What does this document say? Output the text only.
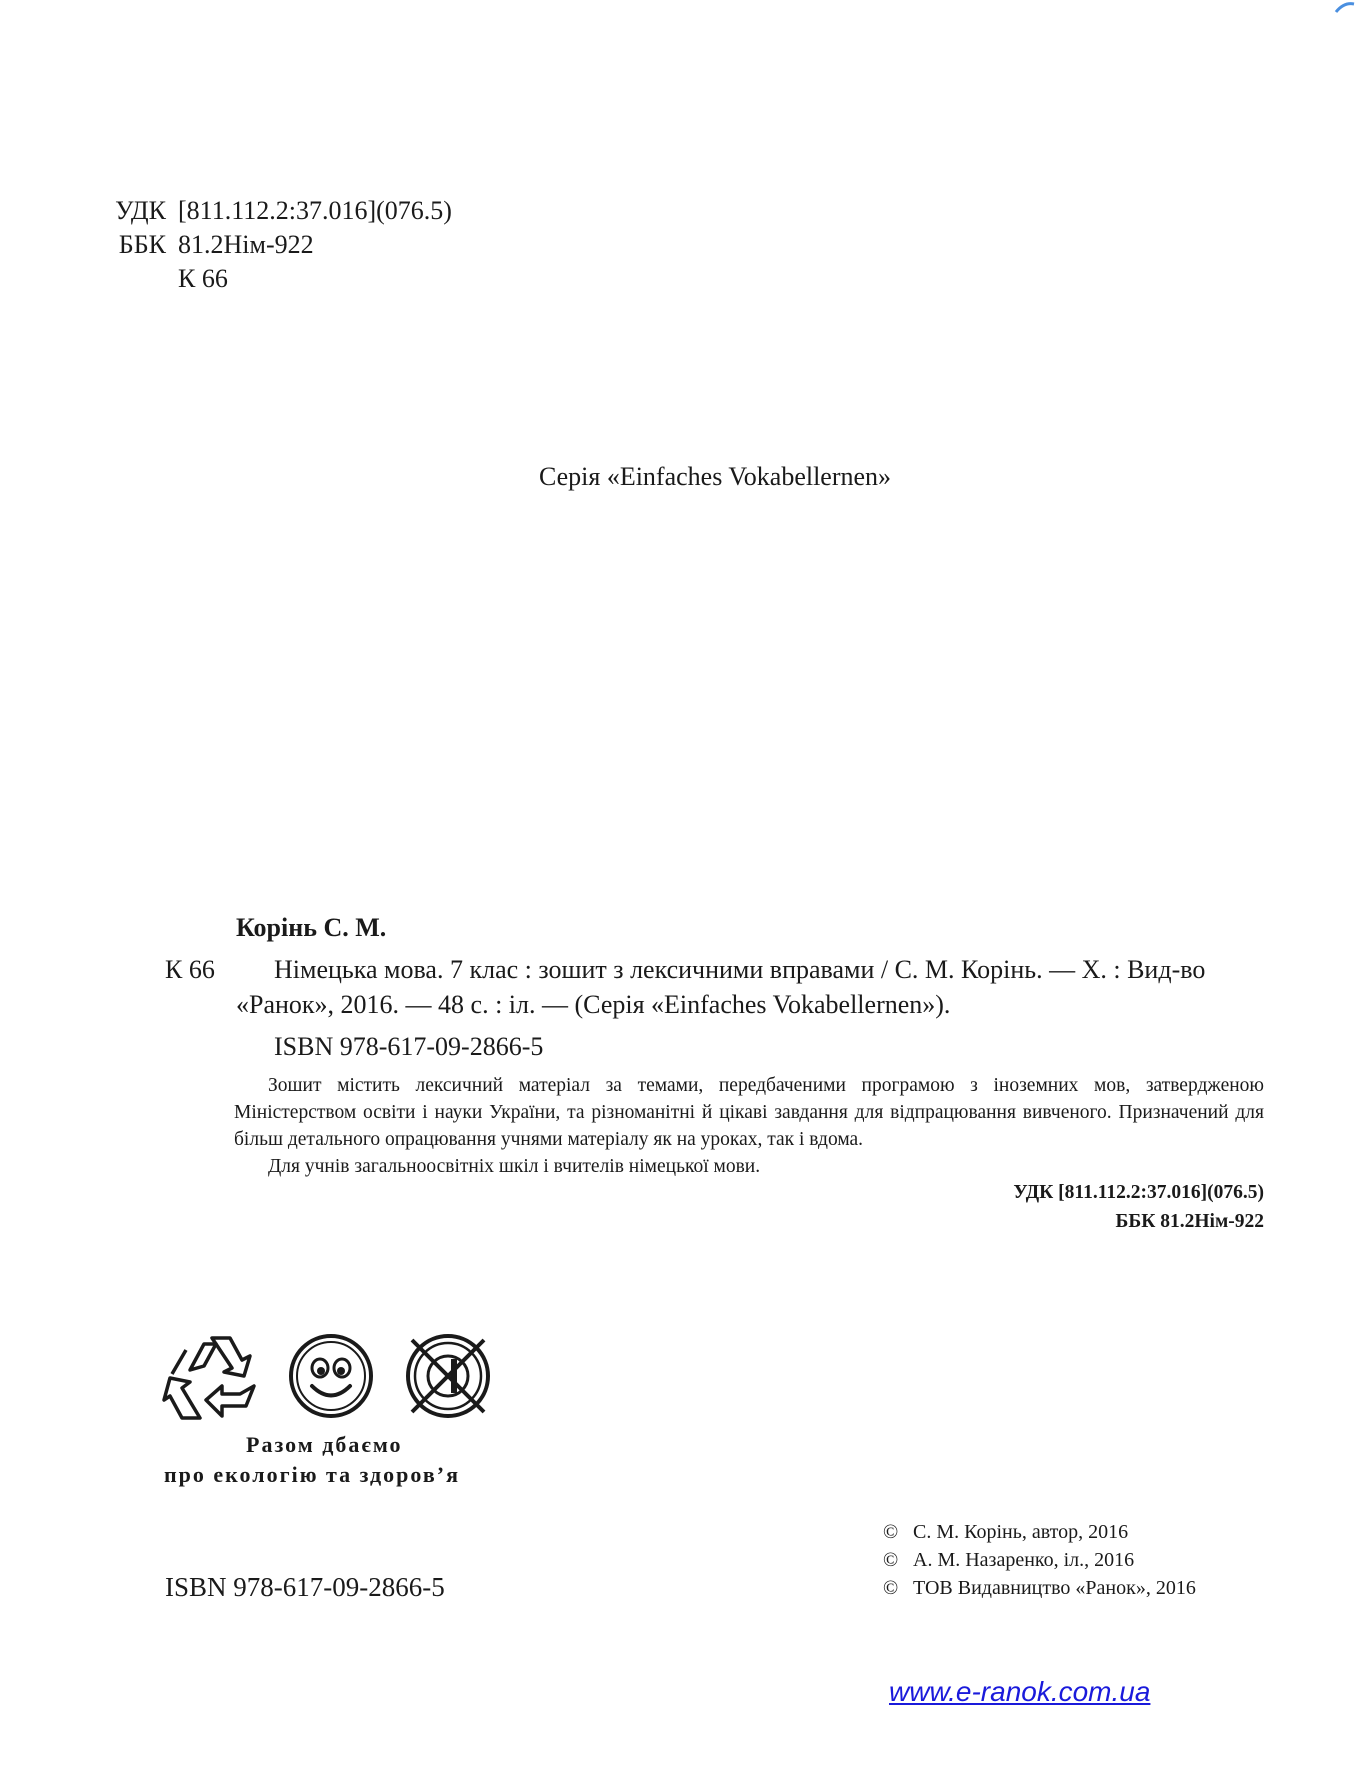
УДК [811.112.2:37.016](076.5)
ББК 81.2Нім-922
К 66
Серія «Einfaches Vokabellernen»
Корінь С. М.
К 66 Німецька мова. 7 клас : зошит з лексичними вправами / С. М. Корінь. — Х. : Вид-во
«Ранок», 2016. — 48 с. : іл. — (Серія «Einfaches Vokabellernen»).
ISBN 978-617-09-2866-5

Зошит містить лексичний матеріал за темами, передбаченими програмою з іноземних мов, затвердженою Міністерством освіти і науки України, та різноманітні й цікаві завдання для відпрацювання вивченого. Призначений для більш детального опрацювання учнями матеріалу як на уроках, так і вдома.

Для учнів загальноосвітніх шкіл і вчителів німецької мови.

УДК [811.112.2:37.016](076.5)
ББК 81.2Нім-922
Разом дбаємо
про екологію та здоров’я
© С. М. Корінь, автор, 2016
© А. М. Назаренко, іл., 2016
© ТОВ Видавництво «Ранок», 2016
ISBN 978-617-09-2866-5
www.e-ranok.com.ua
